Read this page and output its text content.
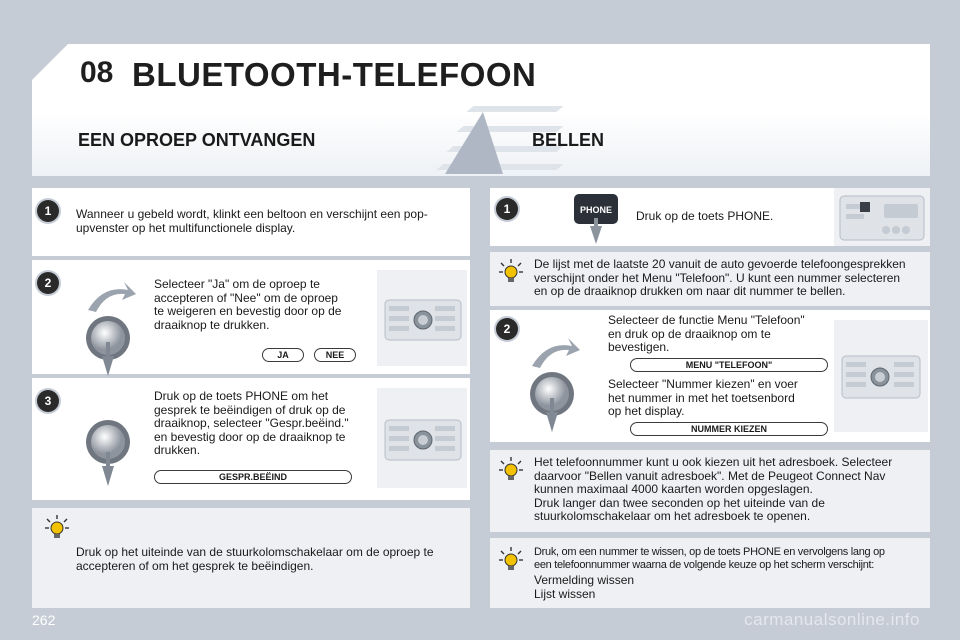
08 BLUETOOTH-TELEFOON
EEN OPROEP ONTVANGEN	BELLEN
Wanneer u gebeld wordt, klinkt een beltoon en verschijnt een pop-
upvenster op het multifunctionele display.
1
Selecteer "Ja" om de oproep te
accepteren of "Nee" om de oproep
te weigeren en bevestig door op de
draaiknop te drukken.
JA	NEE
2
Druk op de toets PHONE om het
gesprek te beëindigen of druk op de
draaiknop, selecteer "Gespr.beëind."
en bevestig door op de draaiknop te
drukken.
GESPR.BEËIND
3
Druk op het uiteinde van de stuurkolomschakelaar om de oproep te
accepteren of om het gesprek te beëindigen.
PHONE Druk op de toets PHONE.
1
De lijst met de laatste 20 vanuit de auto gevoerde telefoongesprekken
verschijnt onder het Menu "Telefoon". U kunt een nummer selecteren
en op de draaiknop drukken om naar dit nummer te bellen.
Selecteer de functie Menu "Telefoon"
en druk op de draaiknop om te
bevestigen.
MENU "TELEFOON"
Selecteer "Nummer kiezen" en voer
het nummer in met het toetsenbord
op het display.
NUMMER KIEZEN
2
Het telefoonnummer kunt u ook kiezen uit het adresboek. Selecteer
daarvoor "Bellen vanuit adresboek". Met de Peugeot Connect Nav
kunnen maximaal 4000 kaarten worden opgeslagen.
Druk langer dan twee seconden op het uiteinde van de
stuurkolomschakelaar om het adresboek te openen.
Druk, om een nummer te wissen, op de toets PHONE en vervolgens lang op
een telefoonnummer waarna de volgende keuze op het scherm verschijnt:
Vermelding wissen
Lijst wissen
262	carmanualsonline.info
